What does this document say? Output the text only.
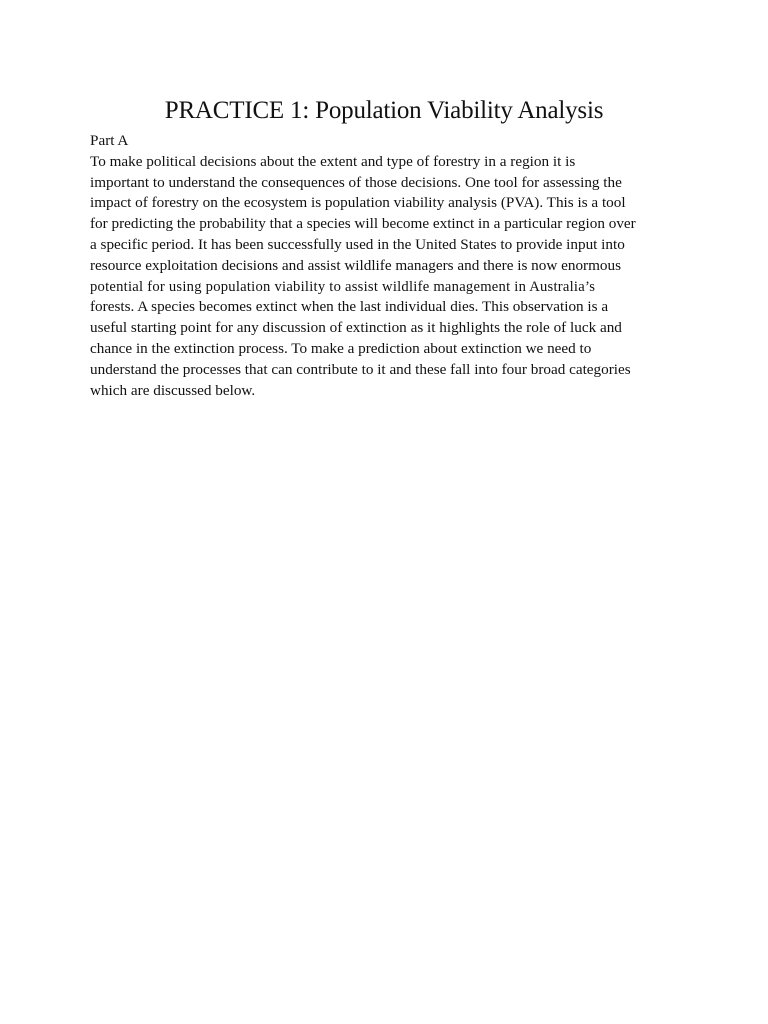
PRACTICE 1: Population Viability Analysis

Part A

To make political decisions about the extent and type of forestry in a region it is

important to understand the consequences of those decisions. One tool for assessing the

impact of forestry on the ecosystem is population viability analysis (PVA). This is a tool

for predicting the probability that a species will become extinct in a particular region over

a specific period. It has been successfully used in the United States to provide input into

resource exploitation decisions and assist wildlife managers and there is now enormous

potential for using population viability to assist wildlife management in Australia’s

forests. A species becomes extinct when the last individual dies. This observation is a

useful starting point for any discussion of extinction as it highlights the role of luck and

chance in the extinction process. To make a prediction about extinction we need to

understand the processes that can contribute to it and these fall into four broad categories

which are discussed below.
